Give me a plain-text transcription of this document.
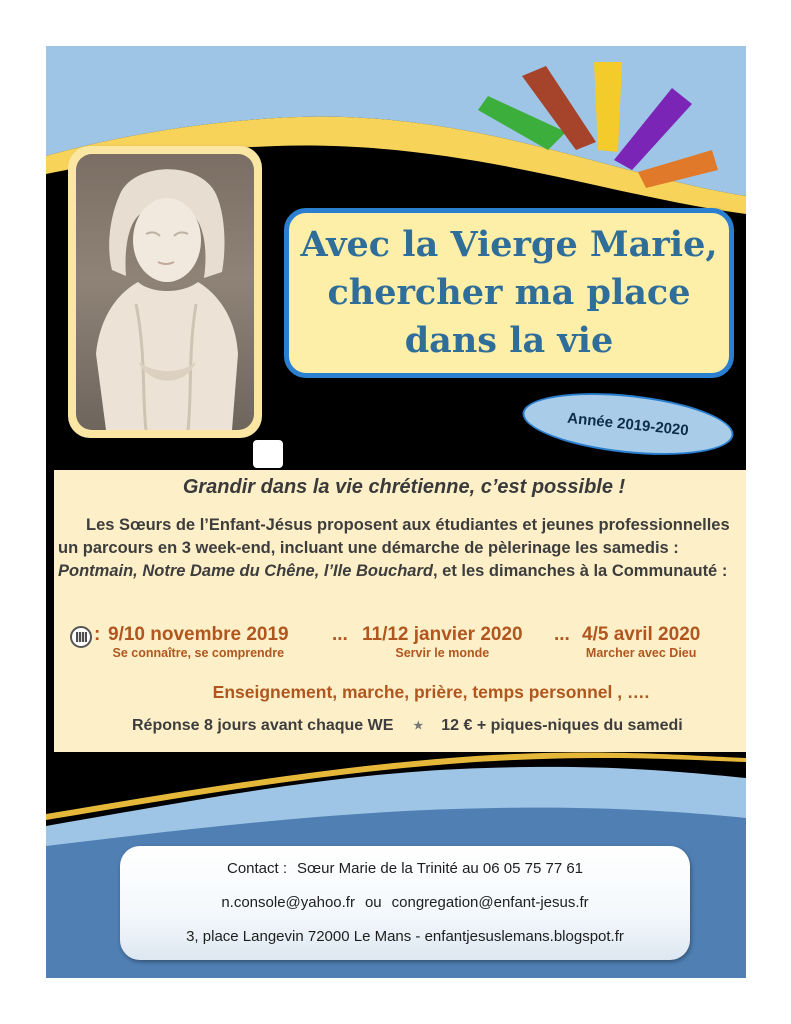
Avec la Vierge Marie,
chercher ma place
dans la vie
Année 2019-2020

Grandir dans la vie chrétienne, c’est possible !

Les Sœurs de l’Enfant-Jésus proposent aux étudiantes et jeunes professionnelles un parcours en 3 week-end, incluant une démarche de pèlerinage les samedis : Pontmain, Notre Dame du Chêne, l’Ile Bouchard, et les dimanches à la Communauté :

: 9/10 novembre 2019
Se connaître, se comprendre
... 11/12 janvier 2020
Servir le monde
... 4/5 avril 2020
Marcher avec Dieu

Enseignement, marche, prière, temps personnel , ….

Réponse 8 jours avant chaque WE ★ 12 € + piques-niques du samedi

Contact : Sœur Marie de la Trinité au 06 05 75 77 61

n.console@yahoo.fr ou congregation@enfant-jesus.fr

3, place Langevin 72000 Le Mans - enfantjesuslemans.blogspot.fr
